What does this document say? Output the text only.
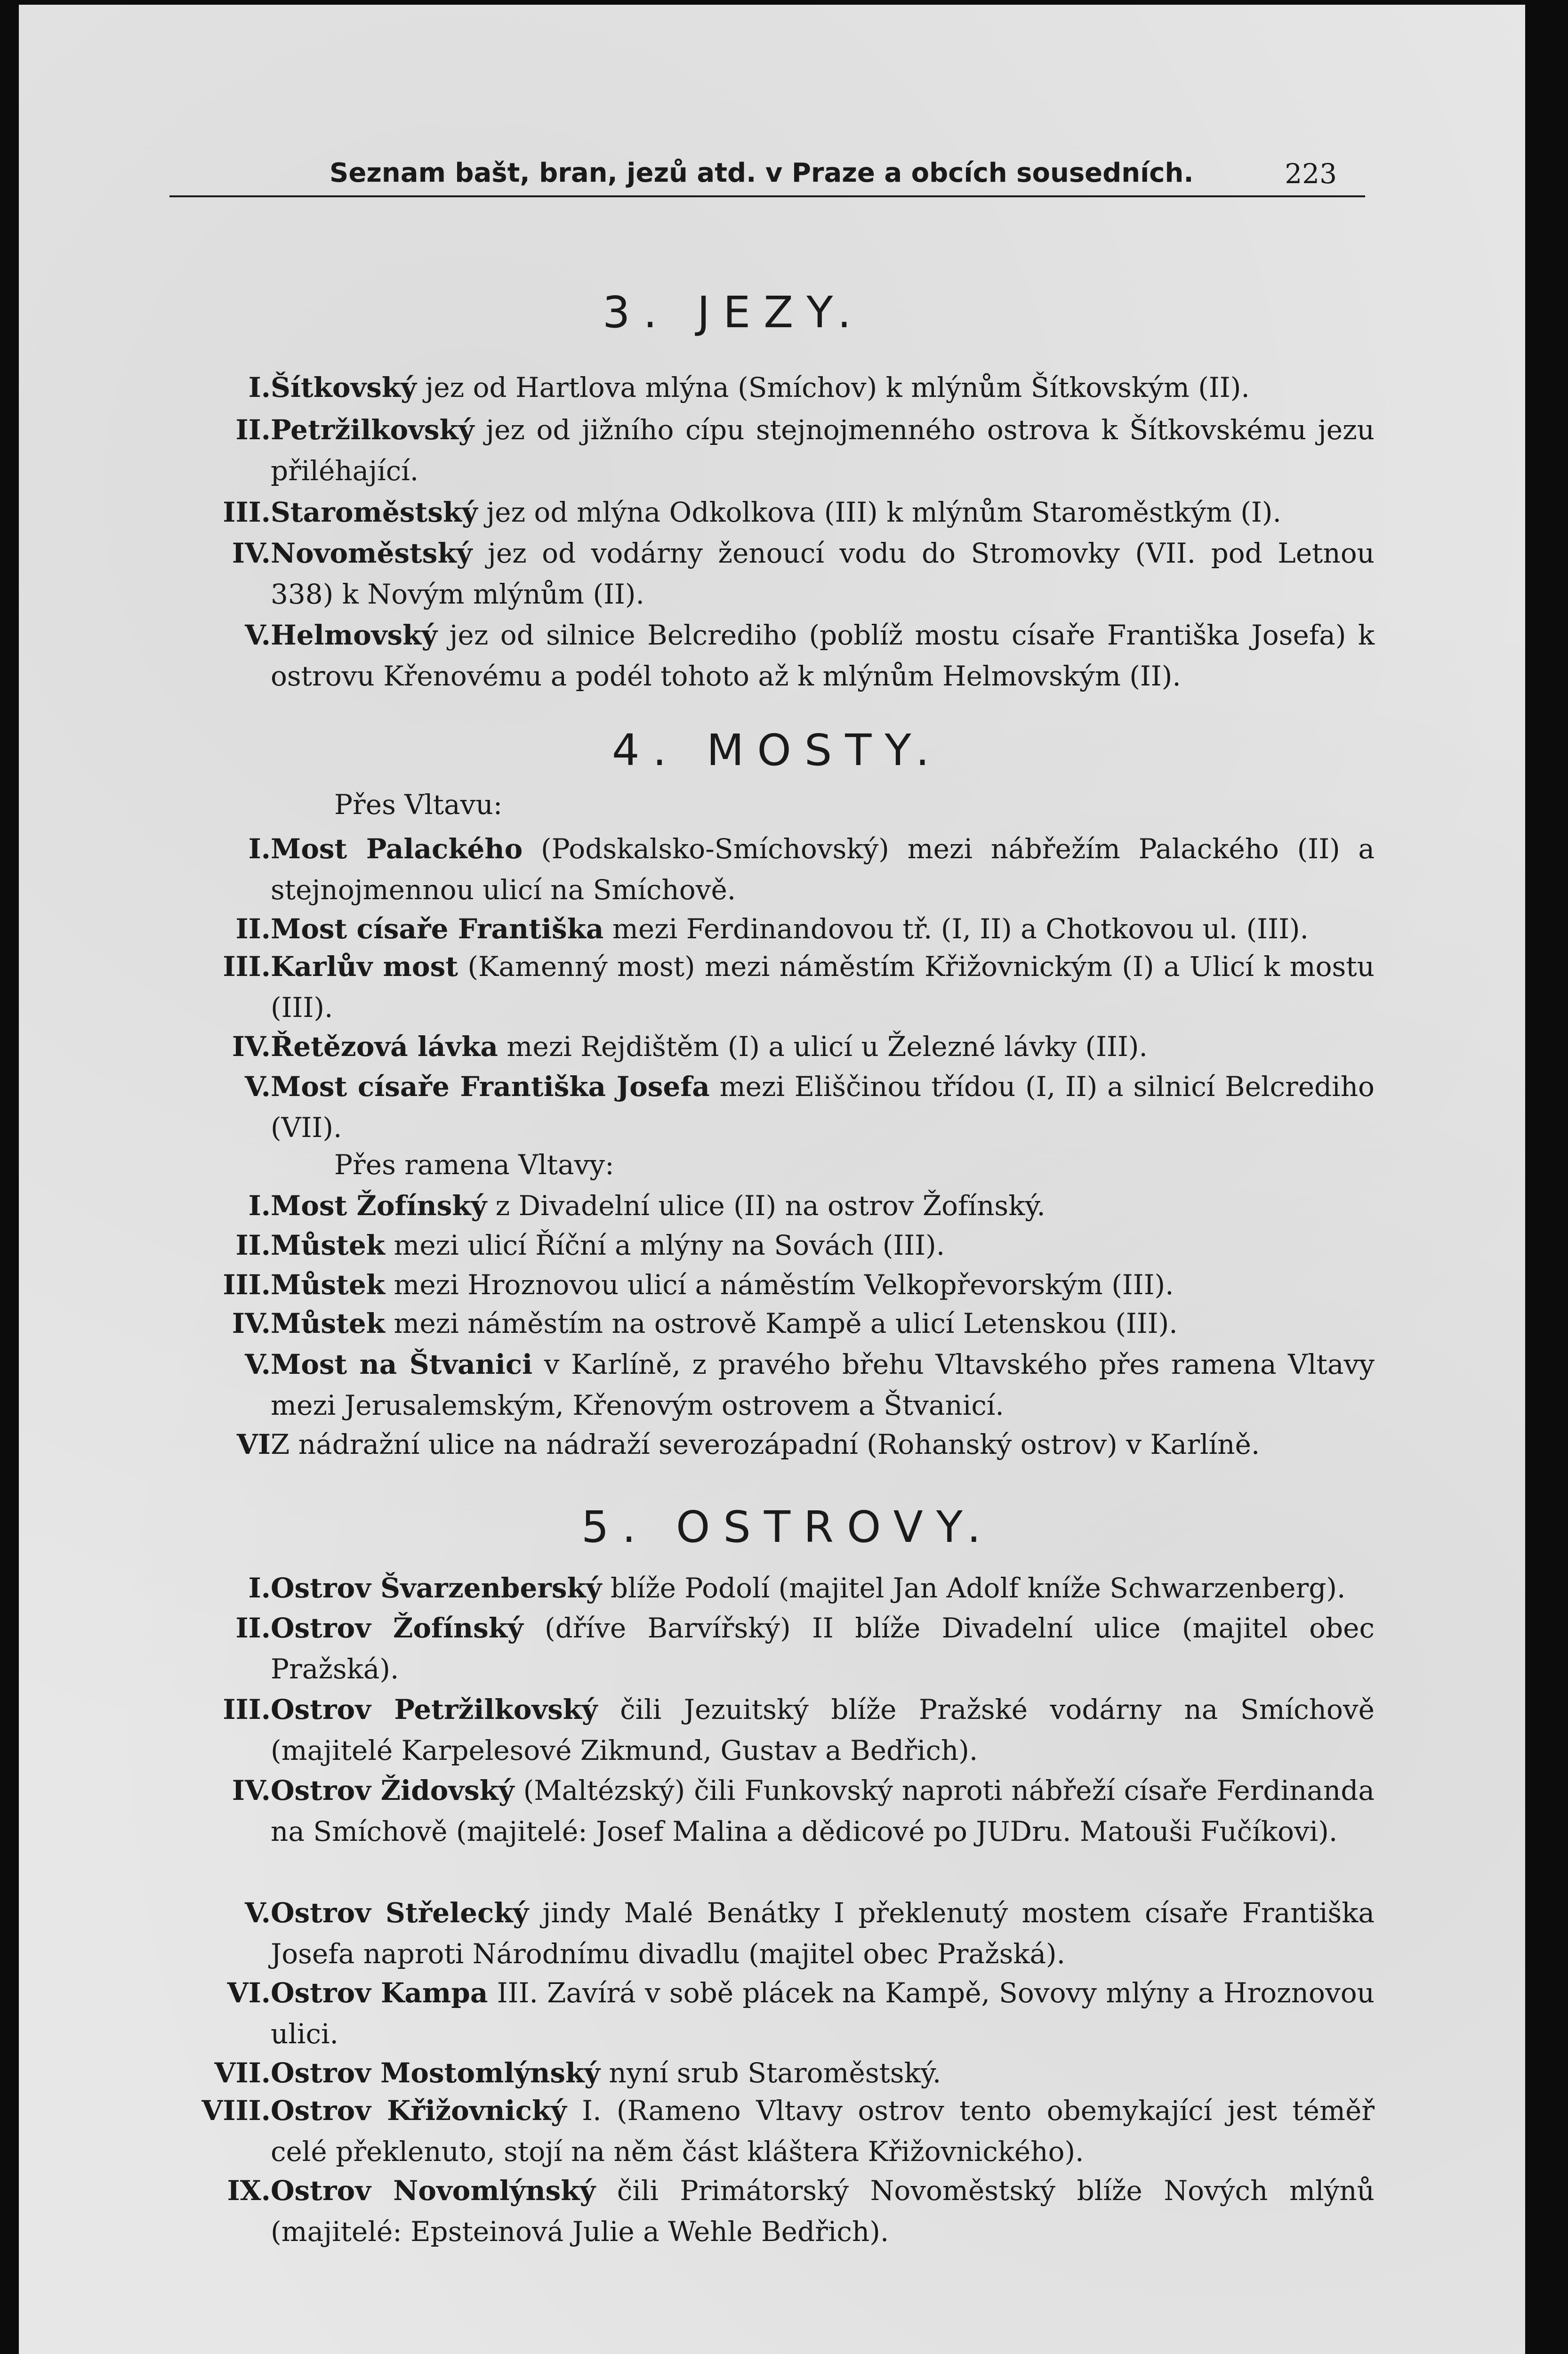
Seznam bašt, bran, jezů atd. v Praze a obcích sousedních.	223
3. JEZY.
I. Šítkovský jez od Hartlova mlýna (Smíchov) k mlýnům Šítkovským (II).
II. Petržilkovský jez od jižního cípu stejnojmenného ostrova k Šítkovskému jezu přiléhající.
III. Staroměstský jez od mlýna Odkolkova (III) k mlýnům Staroměstkým (I).
IV. Novoměstský jez od vodárny ženoucí vodu do Stromovky (VII. pod Letnou 338) k Novým mlýnům (II).
V. Helmovský jez od silnice Belcrediho (poblíž mostu císaře Františka Josefa) k ostrovu Křenovému a podél tohoto až k mlýnům Helmovským (II).
4. MOSTY.
Přes Vltavu:
I. Most Palackého (Podskalsko-Smíchovský) mezi nábřežím Palackého (II) a stejnojmennou ulicí na Smíchově.
II. Most císaře Františka mezi Ferdinandovou tř. (I, II) a Chotkovou ul. (III).
III. Karlův most (Kamenný most) mezi náměstím Křižovnickým (I) a Ulicí k mostu (III).
IV. Řetězová lávka mezi Rejdištěm (I) a ulicí u Železné lávky (III).
V. Most císaře Františka Josefa mezi Eliščinou třídou (I, II) a silnicí Belcrediho (VII).
Přes ramena Vltavy:
I. Most Žofínský z Divadelní ulice (II) na ostrov Žofínský.
II. Můstek mezi ulicí Říční a mlýny na Sovách (III).
III. Můstek mezi Hroznovou ulicí a náměstím Velkopřevorským (III).
IV. Můstek mezi náměstím na ostrově Kampě a ulicí Letenskou (III).
V. Most na Štvanici v Karlíně, z pravého břehu Vltavského přes ramena Vltavy mezi Jerusalemským, Křenovým ostrovem a Štvanicí.
VI Z nádražní ulice na nádraží severozápadní (Rohanský ostrov) v Karlíně.
5. OSTROVY.
I. Ostrov Švarzenberský blíže Podolí (majitel Jan Adolf kníže Schwarzenberg).
II. Ostrov Žofínský (dříve Barvířský) II blíže Divadelní ulice (majitel obec Pražská).
III. Ostrov Petržilkovský čili Jezuitský blíže Pražské vodárny na Smíchově (majitelé Karpelesové Zikmund, Gustav a Bedřich).
IV. Ostrov Židovský (Maltézský) čili Funkovský naproti nábřeží císaře Ferdinanda na Smíchově (majitelé: Josef Malina a dědicové po JUDru. Matouši Fučíkovi).
V. Ostrov Střelecký jindy Malé Benátky I překlenutý mostem císaře Františka Josefa naproti Národnímu divadlu (majitel obec Pražská).
VI. Ostrov Kampa III. Zavírá v sobě plácek na Kampě, Sovovy mlýny a Hroznovou ulici.
VII. Ostrov Mostomlýnský nyní srub Staroměstský.
VIII. Ostrov Křižovnický I. (Rameno Vltavy ostrov tento obemykající jest téměř celé překlenuto, stojí na něm část kláštera Křižovnického).
IX. Ostrov Novomlýnský čili Primátorský Novoměstský blíže Nových mlýnů (majitelé: Epsteinová Julie a Wehle Bedřich).
